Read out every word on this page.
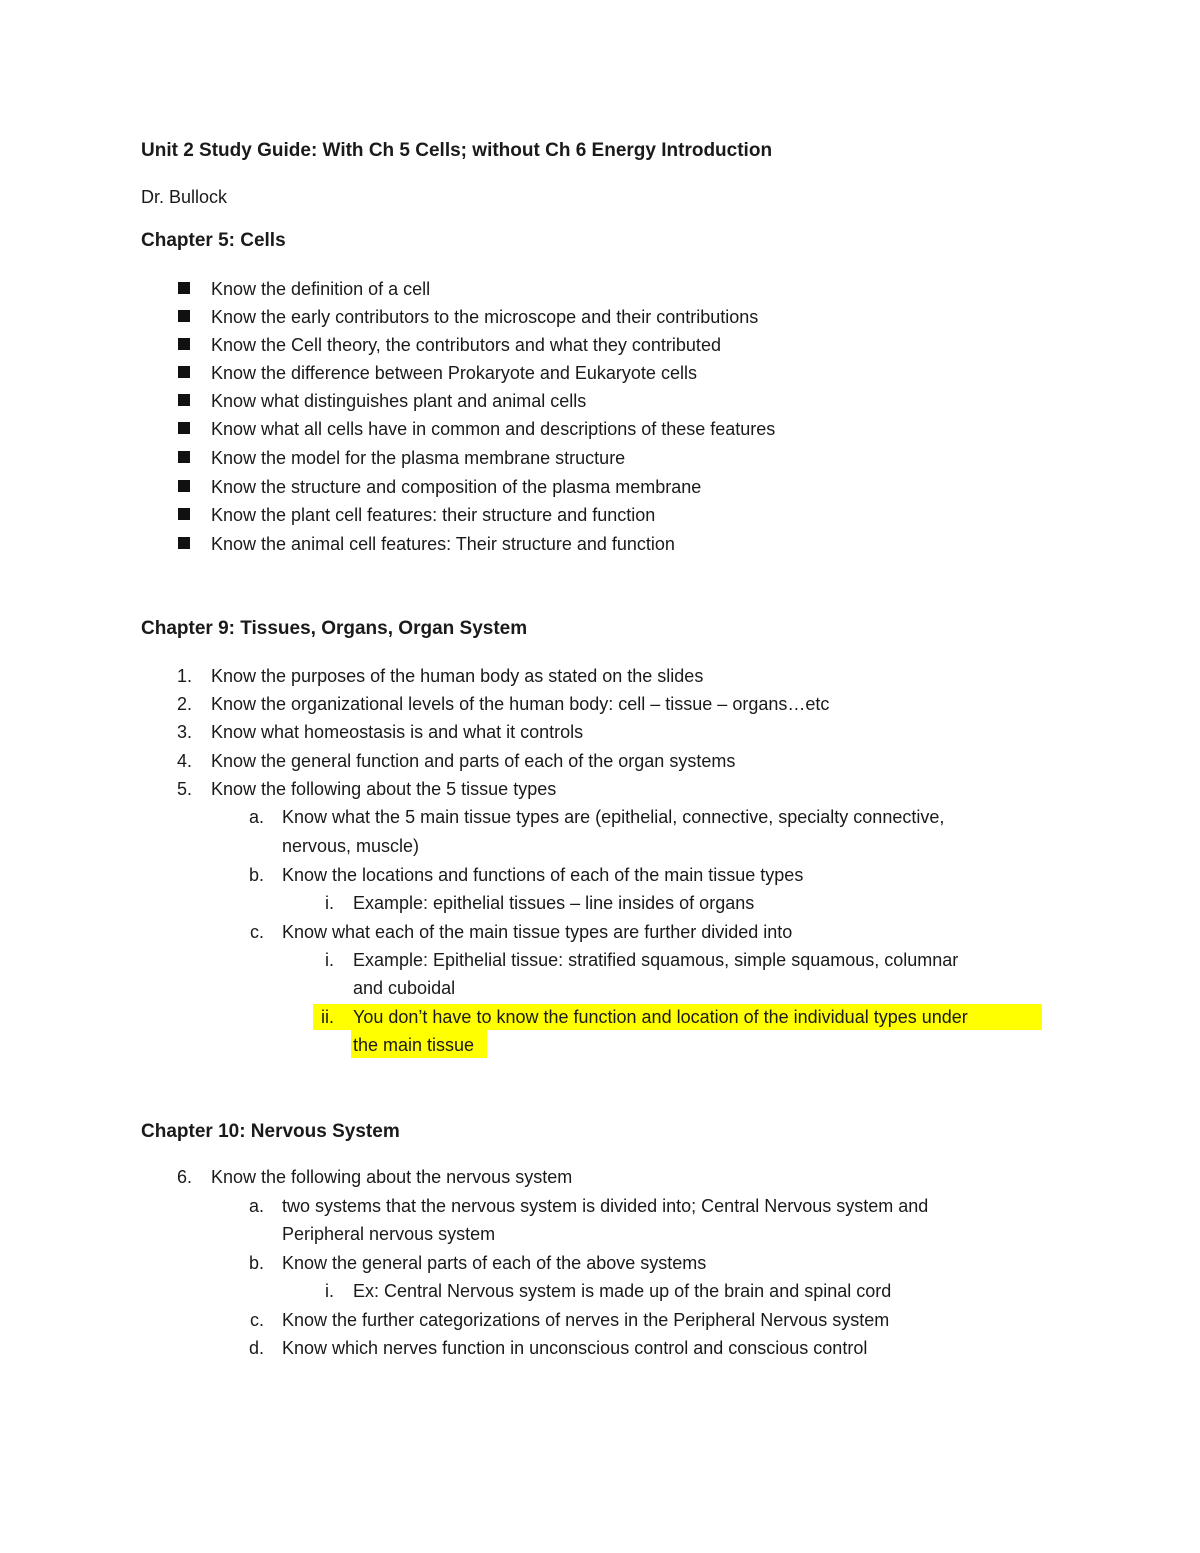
Unit 2 Study Guide: With Ch 5 Cells; without Ch 6 Energy Introduction
Dr. Bullock
Chapter 5: Cells
Know the definition of a cell
Know the early contributors to the microscope and their contributions
Know the Cell theory, the contributors and what they contributed
Know the difference between Prokaryote and Eukaryote cells
Know what distinguishes plant and animal cells
Know what all cells have in common and descriptions of these features
Know the model for the plasma membrane structure
Know the structure and composition of the plasma membrane
Know the plant cell features: their structure and function
Know the animal cell features: Their structure and function
Chapter 9: Tissues, Organs, Organ System
1. Know the purposes of the human body as stated on the slides
2. Know the organizational levels of the human body: cell – tissue – organs…etc
3. Know what homeostasis is and what it controls
4. Know the general function and parts of each of the organ systems
5. Know the following about the 5 tissue types
a. Know what the 5 main tissue types are (epithelial, connective, specialty connective,
nervous, muscle)
b. Know the locations and functions of each of the main tissue types
i. Example: epithelial tissues – line insides of organs
c. Know what each of the main tissue types are further divided into
i. Example: Epithelial tissue: stratified squamous, simple squamous, columnar
and cuboidal
ii. You don’t have to know the function and location of the individual types under
the main tissue
Chapter 10: Nervous System
6. Know the following about the nervous system
a. two systems that the nervous system is divided into; Central Nervous system and
Peripheral nervous system
b. Know the general parts of each of the above systems
i. Ex: Central Nervous system is made up of the brain and spinal cord
c. Know the further categorizations of nerves in the Peripheral Nervous system
d. Know which nerves function in unconscious control and conscious control
